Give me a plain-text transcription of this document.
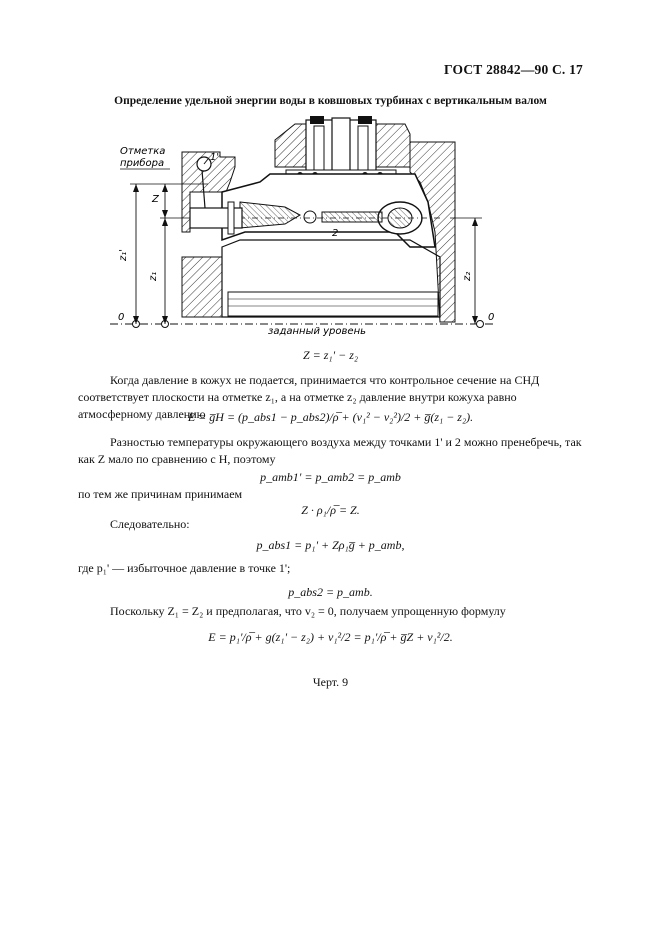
ГОСТ 28842—90 С. 17
Определение удельной энергии воды в ковшовых турбинах с вертикальным валом
Отметка
прибора
1'
2
Z
z₁'
z₁	z₂
0	0
заданный уровень
Z = z₁' − z₂
Когда давление в кожух не подается, принимается что контрольное сечение на СНД соответствует плоскости на отметке z₁, а на отметке z₂ давление внутри кожуха равно атмосферному давлению
E = g̅H = (p_abs1 − p_abs2)/ρ̅ + (v₁² − v₂²)/2 + g̅(z₁ − z₂).
Разностью температуры окружающего воздуха между точками 1' и 2 можно пренебречь, так как Z мало по сравнению с H, поэтому
p_amb1' = p_amb2 = p_amb
по тем же причинам принимаем
Z · ρ₁/ρ̅ = Z.
Следовательно:
p_abs1 = p₁' + Zρ₁g̅ + p_amb,
где p₁' — избыточное давление в точке 1';
p_abs2 = p_amb.
Поскольку Z₁ = Z₂ и предполагая, что v₂ = 0, получаем упрощенную формулу
E = p₁'/ρ̅ + g(z₁' − z₂) + v₁²/2 = p₁'/ρ̅ + g̅Z + v₁²/2.
Черт. 9
